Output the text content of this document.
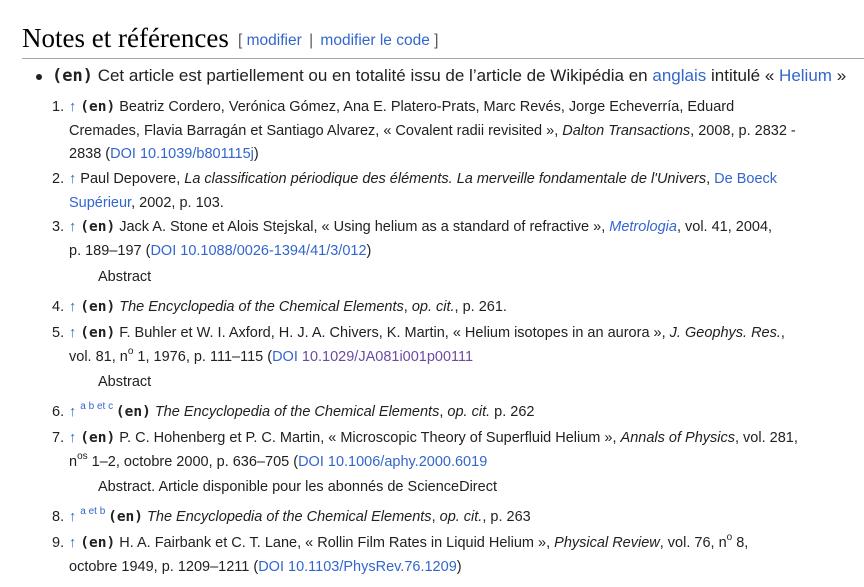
Notes et références [ modifier | modifier le code ]
(en) Cet article est partiellement ou en totalité issu de l’article de Wikipédia en anglais intitulé « Helium »
1. ↑ (en) Beatriz Cordero, Verónica Gómez, Ana E. Platero-Prats, Marc Revés, Jorge Echeverría, Eduard
Cremades, Flavia Barragán et Santiago Alvarez, « Covalent radii revisited », Dalton Transactions, 2008, p. 2832 -
2838 (DOI 10.1039/b801115j)
2. ↑ Paul Depovere, La classification périodique des éléments. La merveille fondamentale de l'Univers, De Boeck
Supérieur, 2002, p. 103.
3. ↑ (en) Jack A. Stone et Alois Stejskal, « Using helium as a standard of refractive », Metrologia, vol. 41, 2004,
p. 189–197 (DOI 10.1088/0026-1394/41/3/012)
Abstract
4. ↑ (en) The Encyclopedia of the Chemical Elements, op. cit., p. 261.
5. ↑ (en) F. Buhler et W. I. Axford, H. J. A. Chivers, K. Martin, « Helium isotopes in an aurora », J. Geophys. Res.,
vol. 81, $n^o$ 1, 1976, p. 111–115 (DOI 10.1029/JA081i001p00111
Abstract
6. ↑ $^{a b et c}$ (en) The Encyclopedia of the Chemical Elements, op. cit. p. 262
7. ↑ (en) P. C. Hohenberg et P. C. Martin, « Microscopic Theory of Superfluid Helium », Annals of Physics, vol. 281,
$n^{os}$ 1–2, octobre 2000, p. 636–705 (DOI 10.1006/aphy.2000.6019
Abstract. Article disponible pour les abonnés de ScienceDirect
8. ↑ $^{a et b}$ (en) The Encyclopedia of the Chemical Elements, op. cit., p. 263
9. ↑ (en) H. A. Fairbank et C. T. Lane, « Rollin Film Rates in Liquid Helium », Physical Review, vol. 76, $n^o$ 8,
octobre 1949, p. 1209–1211 (DOI 10.1103/PhysRev.76.1209)
